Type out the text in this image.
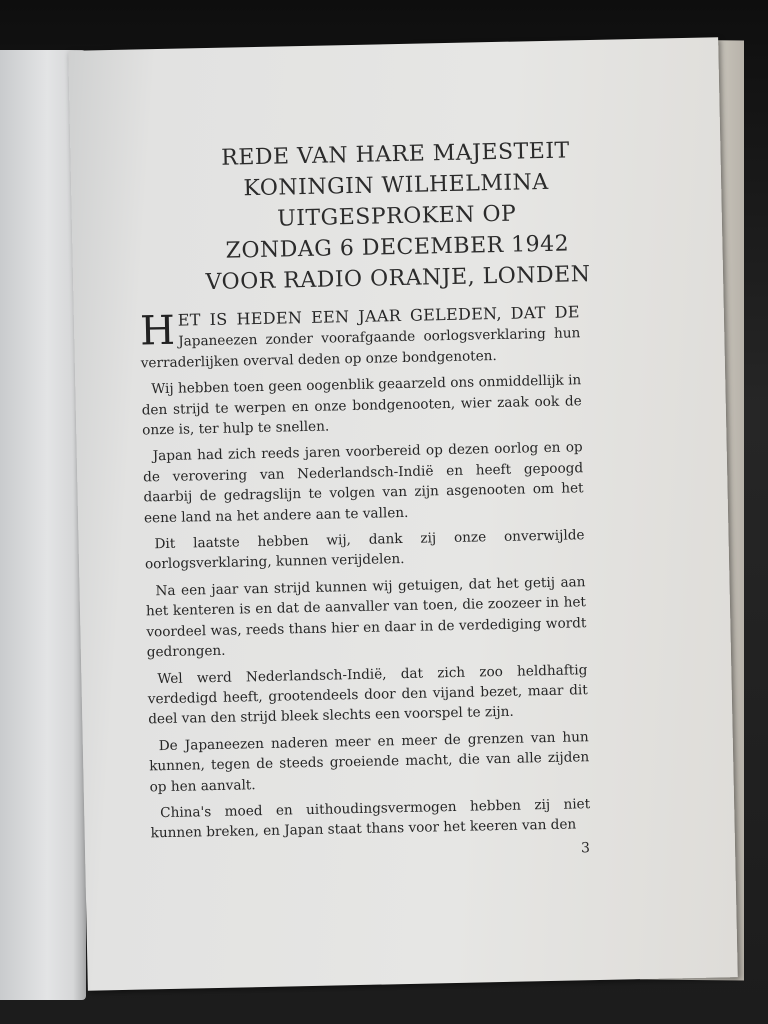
REDE VAN HARE MAJESTEIT
KONINGIN WILHELMINA
UITGESPROKEN OP
ZONDAG 6 DECEMBER 1942
VOOR RADIO ORANJE, LONDEN

H ET IS HEDEN EEN JAAR GELEDEN, DAT DE Japaneezen zonder voorafgaande oorlogsverklaring hun verraderlijken overval deden op onze bondgenoten.

Wij hebben toen geen oogenblik geaarzeld ons onmiddellijk in den strijd te werpen en onze bondgenooten, wier zaak ook de onze is, ter hulp te snellen.

Japan had zich reeds jaren voorbereid op dezen oorlog en op de verovering van Nederlandsch-Indië en heeft gepoogd daarbij de gedragslijn te volgen van zijn asgenooten om het eene land na het andere aan te vallen.

Dit laatste hebben wij, dank zij onze onverwijlde oorlogsverklaring, kunnen verijdelen.

Na een jaar van strijd kunnen wij getuigen, dat het getij aan het kenteren is en dat de aanvaller van toen, die zoozeer in het voordeel was, reeds thans hier en daar in de verdediging wordt gedrongen.

Wel werd Nederlandsch-Indië, dat zich zoo heldhaftig verdedigd heeft, grootendeels door den vijand bezet, maar dit deel van den strijd bleek slechts een voorspel te zijn.

De Japaneezen naderen meer en meer de grenzen van hun kunnen, tegen de steeds groeiende macht, die van alle zijden op hen aanvalt.

China's moed en uithoudingsvermogen hebben zij niet kunnen breken, en Japan staat thans voor het keeren van den

3
